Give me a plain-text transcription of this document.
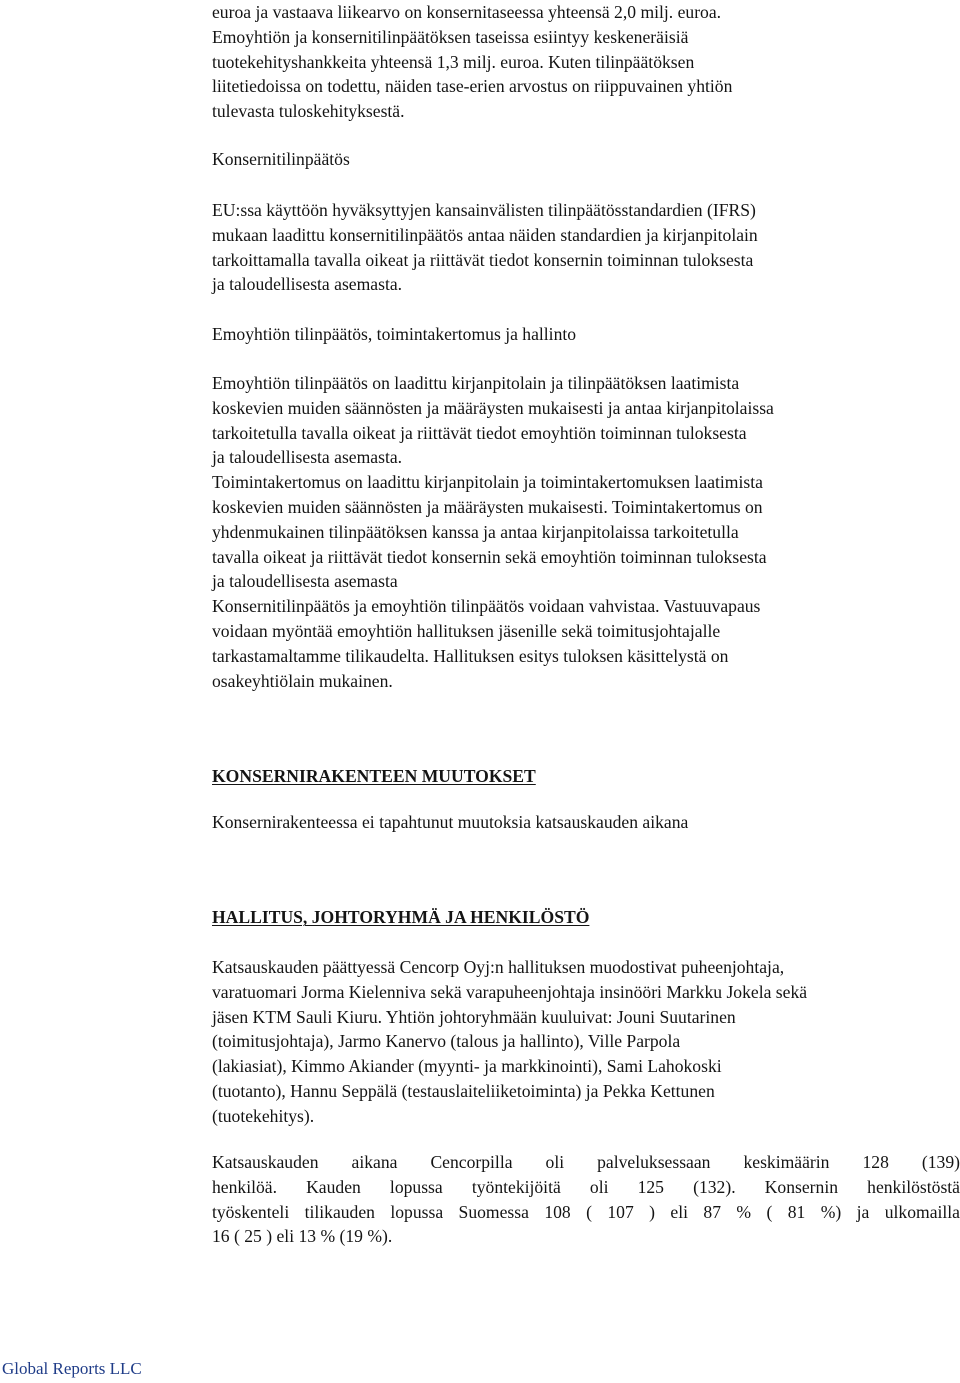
euroa ja vastaava liikearvo on konsernitaseessa yhteensä 2,0 milj. euroa.

Emoyhtiön ja konsernitilinpäätöksen taseissa esiintyy keskeneräisiä

tuotekehityshankkeita yhteensä 1,3 milj. euroa. Kuten tilinpäätöksen

liitetiedoissa on todettu, näiden tase-erien arvostus on riippuvainen yhtiön

tulevasta tuloskehityksestä.

Konsernitilinpäätös

EU:ssa käyttöön hyväksyttyjen kansainvälisten tilinpäätösstandardien (IFRS)

mukaan laadittu konsernitilinpäätös antaa näiden standardien ja kirjanpitolain

tarkoittamalla tavalla oikeat ja riittävät tiedot konsernin toiminnan tuloksesta

ja taloudellisesta asemasta.

Emoyhtiön tilinpäätös, toimintakertomus ja hallinto

Emoyhtiön tilinpäätös on laadittu kirjanpitolain ja tilinpäätöksen laatimista

koskevien muiden säännösten ja määräysten mukaisesti ja antaa kirjanpitolaissa

tarkoitetulla tavalla oikeat ja riittävät tiedot emoyhtiön toiminnan tuloksesta

ja taloudellisesta asemasta.

Toimintakertomus on laadittu kirjanpitolain ja toimintakertomuksen laatimista

koskevien muiden säännösten ja määräysten mukaisesti. Toimintakertomus on

yhdenmukainen tilinpäätöksen kanssa ja antaa kirjanpitolaissa tarkoitetulla

tavalla oikeat ja riittävät tiedot konsernin sekä emoyhtiön toiminnan tuloksesta

ja taloudellisesta asemasta

Konsernitilinpäätös ja emoyhtiön tilinpäätös voidaan vahvistaa. Vastuuvapaus

voidaan myöntää emoyhtiön hallituksen jäsenille sekä toimitusjohtajalle

tarkastamaltamme tilikaudelta. Hallituksen esitys tuloksen käsittelystä on

osakeyhtiölain mukainen.

KONSERNIRAKENTEEN MUUTOKSET

Konsernirakenteessa ei tapahtunut muutoksia katsauskauden aikana

HALLITUS, JOHTORYHMÄ JA HENKILÖSTÖ

Katsauskauden päättyessä Cencorp Oyj:n hallituksen muodostivat puheenjohtaja,

varatuomari Jorma Kielenniva sekä varapuheenjohtaja insinööri Markku Jokela sekä

jäsen KTM Sauli Kiuru. Yhtiön johtoryhmään kuuluivat: Jouni Suutarinen

(toimitusjohtaja), Jarmo Kanervo (talous ja hallinto), Ville Parpola

(lakiasiat), Kimmo Akiander (myynti- ja markkinointi), Sami Lahokoski

(tuotanto), Hannu Seppälä (testauslaiteliiketoiminta) ja Pekka Kettunen

(tuotekehitys).

Katsauskauden aikana Cencorpilla oli palveluksessaan keskimäärin 128 (139)

henkilöä. Kauden lopussa työntekijöitä oli 125 (132). Konsernin henkilöstöstä

työskenteli tilikauden lopussa Suomessa 108 ( 107 ) eli 87 % ( 81 %) ja ulkomailla

16 ( 25 ) eli 13 % (19 %).

Global Reports LLC
